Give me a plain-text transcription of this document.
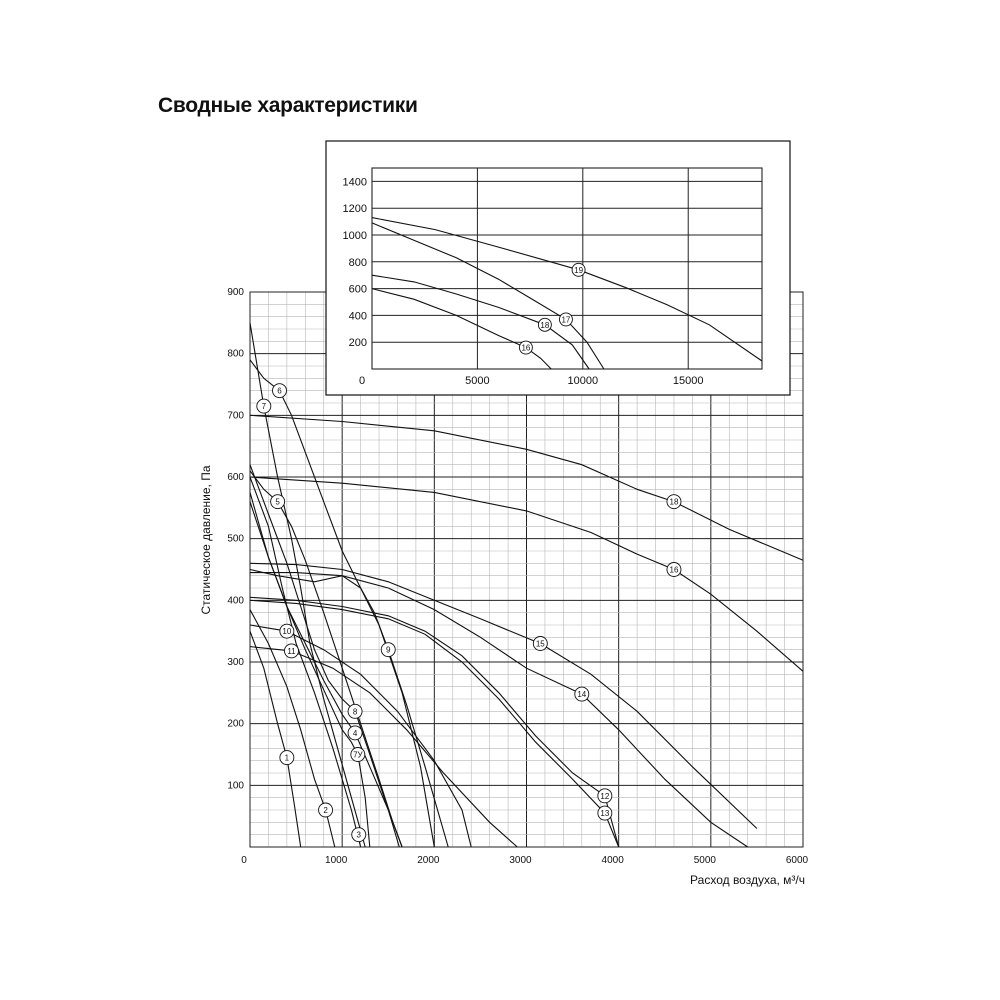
Сводные характеристики
1
2
3
4
5
6
7
7У
8
9
10
11
12
13
14
15
16
18
0	1000	2000	3000	4000	5000	6000
100
200
300
400
500
600
700
800
900
Расход воздуха, м³/ч
Статическое давление, Па
16
18
17
19
0	5000	10000	15000
200
400
600
800
1000
1200
1400
